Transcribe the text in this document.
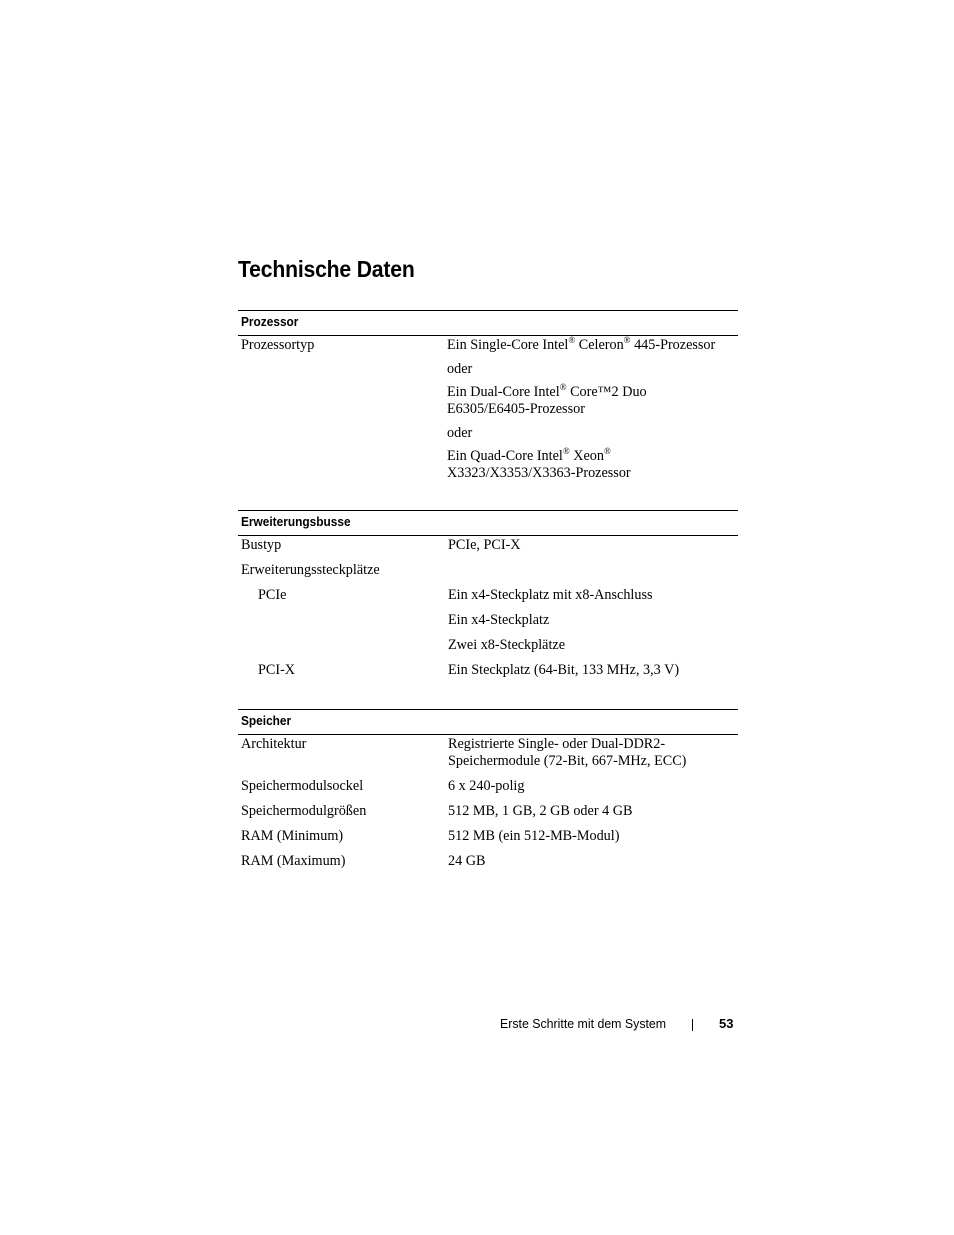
Technische Daten
Prozessor
Prozessortyp	Ein Single-Core Intel® Celeron® 445-Prozessor
oder
Ein Dual-Core Intel® Core™2 Duo
E6305/E6405-Prozessor
oder
Ein Quad-Core Intel® Xeon®
X3323/X3353/X3363-Prozessor
Erweiterungsbusse
Bustyp	PCIe, PCI-X
Erweiterungssteckplätze
PCIe	Ein x4-Steckplatz mit x8-Anschluss
Ein x4-Steckplatz
Zwei x8-Steckplätze
PCI-X	Ein Steckplatz (64-Bit, 133 MHz, 3,3 V)
Speicher
Architektur	Registrierte Single- oder Dual-DDR2-
Speichermodule (72-Bit, 667-MHz, ECC)
Speichermodulsockel	6 x 240-polig
Speichermodulgrößen	512 MB, 1 GB, 2 GB oder 4 GB
RAM (Minimum)	512 MB (ein 512-MB-Modul)
RAM (Maximum)	24 GB
Erste Schritte mit dem System	53
